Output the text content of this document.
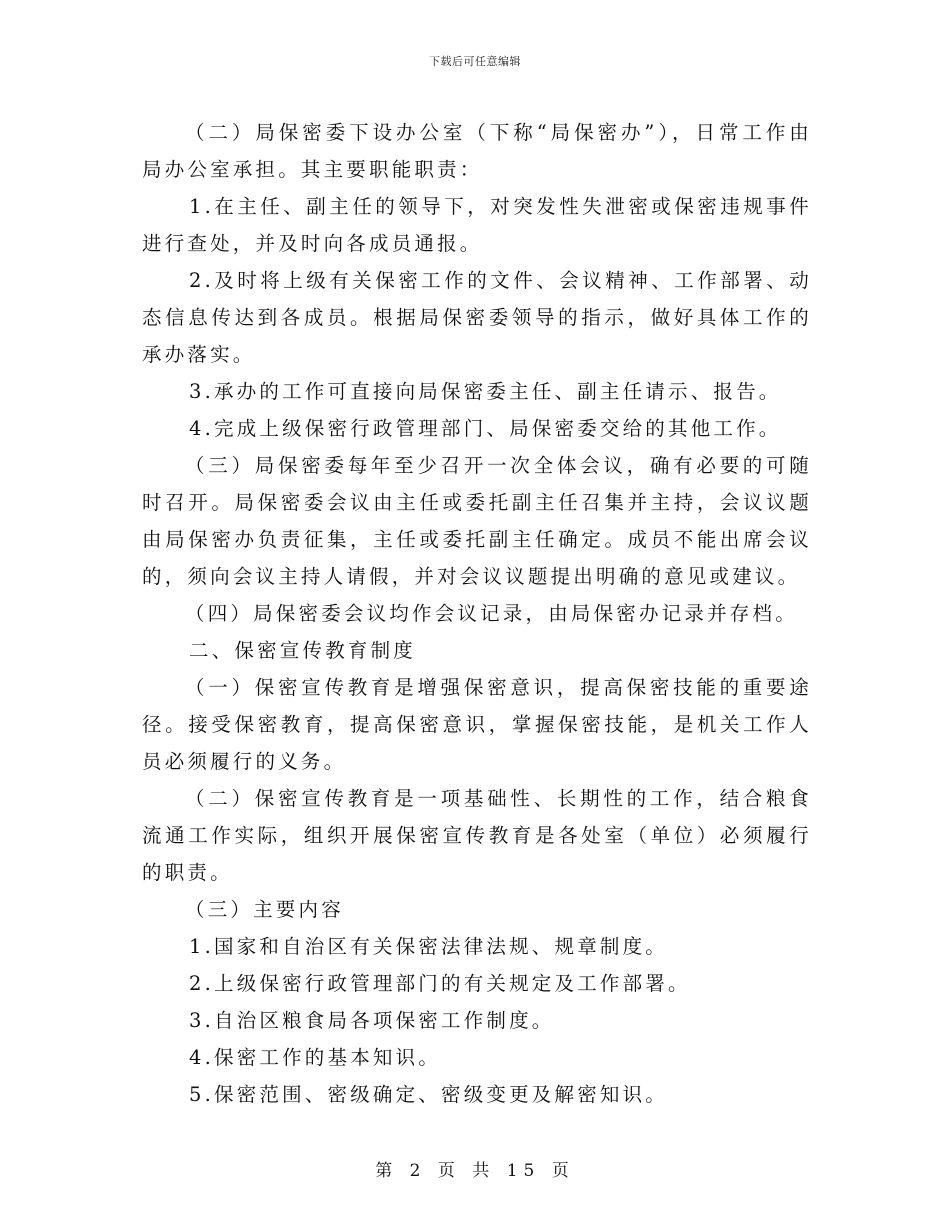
下载后可任意编辑

（二）局保密委下设办公室（下称“局保密办”），日常工作由局办公室承担。其主要职能职责：

1.在主任、副主任的领导下，对突发性失泄密或保密违规事件进行查处，并及时向各成员通报。

2.及时将上级有关保密工作的文件、会议精神、工作部署、动态信息传达到各成员。根据局保密委领导的指示，做好具体工作的承办落实。

3.承办的工作可直接向局保密委主任、副主任请示、报告。

4.完成上级保密行政管理部门、局保密委交给的其他工作。

（三）局保密委每年至少召开一次全体会议，确有必要的可随时召开。局保密委会议由主任或委托副主任召集并主持，会议议题由局保密办负责征集，主任或委托副主任确定。成员不能出席会议的，须向会议主持人请假，并对会议议题提出明确的意见或建议。

（四）局保密委会议均作会议记录，由局保密办记录并存档。

二、保密宣传教育制度

（一）保密宣传教育是增强保密意识，提高保密技能的重要途径。接受保密教育，提高保密意识，掌握保密技能，是机关工作人员必须履行的义务。

（二）保密宣传教育是一项基础性、长期性的工作，结合粮食流通工作实际，组织开展保密宣传教育是各处室（单位）必须履行的职责。

（三）主要内容

1.国家和自治区有关保密法律法规、规章制度。

2.上级保密行政管理部门的有关规定及工作部署。

3.自治区粮食局各项保密工作制度。

4.保密工作的基本知识。

5.保密范围、密级确定、密级变更及解密知识。

第 2 页 共 15 页
